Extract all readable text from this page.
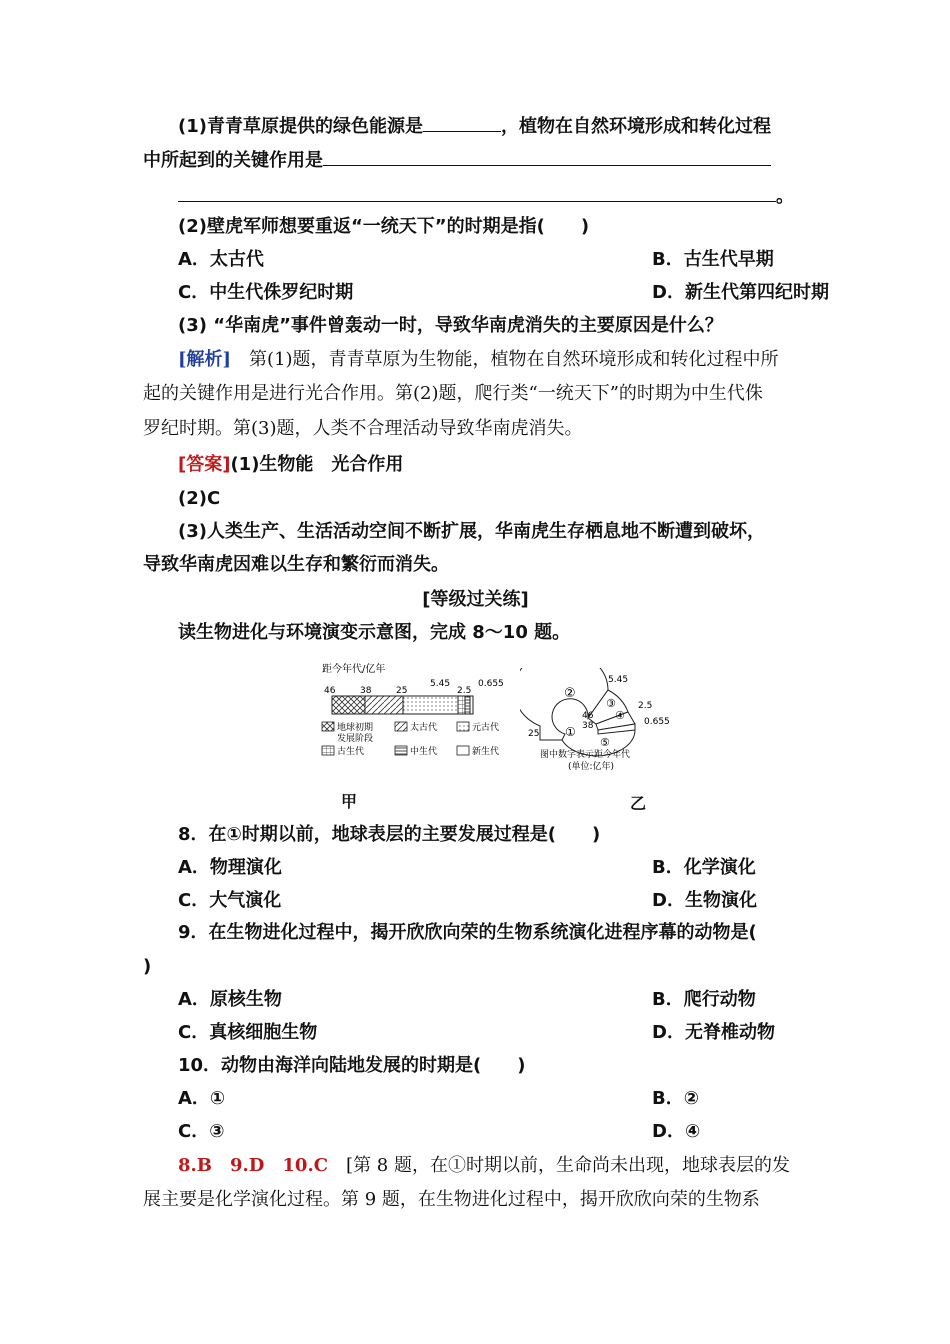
(1)青青草原提供的绿色能源是	，植物在自然环境形成和转化过程
中所起到的关键作用是
。
(2)壁虎军师想要重返“一统天下”的时期是指(　　)
A．太古代	B．古生代早期
C．中生代侏罗纪时期	D．新生代第四纪时期
(3) “华南虎”事件曾轰动一时，导致华南虎消失的主要原因是什么？
[解析]　第(1)题，青青草原为生物能，植物在自然环境形成和转化过程中所
起的关键作用是进行光合作用。第(2)题，爬行类“一统天下”的时期为中生代侏
罗纪时期。第(3)题，人类不合理活动导致华南虎消失。
[答案](1)生物能　光合作用
(2)C
(3)人类生产、生活活动空间不断扩展，华南虎生存栖息地不断遭到破坏，
导致华南虎因难以生存和繁衍而消失。
[等级过关练]
读生物进化与环境演变示意图，完成 8～10 题。
距今年代/亿年
46	38	25
5.45
2.5
0.655
地球初期
发展阶段
太古代	元古代
古生代	中生代	新生代
甲
②
③
④
①
⑤
5.45
2.5
0.655
46
38
25
图中数字表示距今年代
(单位:亿年)
乙
8．在①时期以前，地球表层的主要发展过程是(　　)
A．物理演化	B．化学演化
C．大气演化	D．生物演化
9．在生物进化过程中，揭开欣欣向荣的生物系统演化进程序幕的动物是(
)
A．原核生物	B．爬行动物
C．真核细胞生物	D．无脊椎动物
10．动物由海洋向陆地发展的时期是(　　)
A．①	B．②
C．③	D．④
8.B　9.D　10.C　[第 8 题，在①时期以前，生命尚未出现，地球表层的发
展主要是化学演化过程。第 9 题，在生物进化过程中，揭开欣欣向荣的生物系
